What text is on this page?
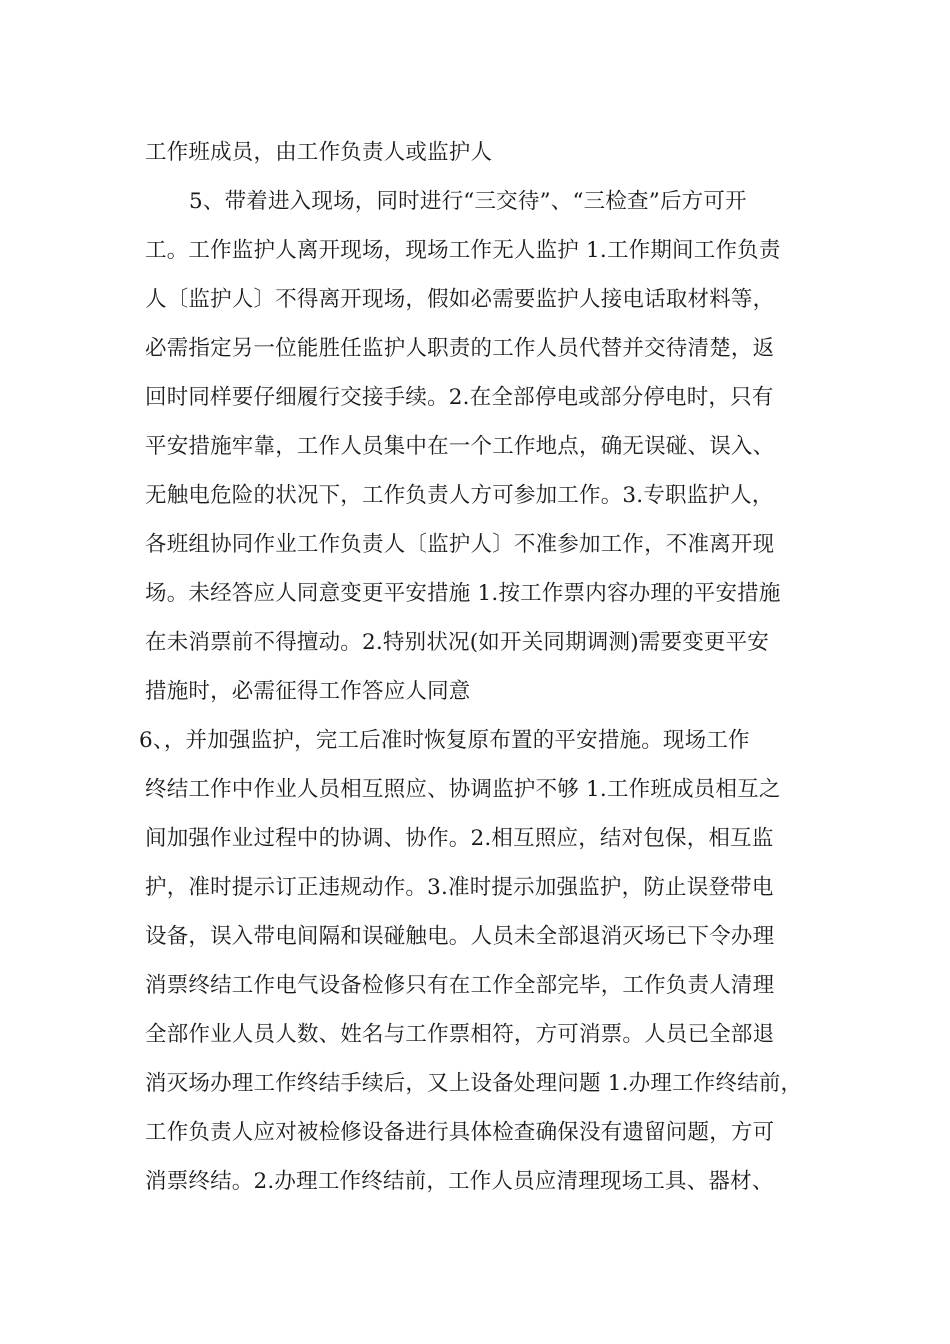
工作班成员，由工作负责人或监护人
5、带着进入现场，同时进行“三交待”、“三检查”后方可开
工。工作监护人离开现场，现场工作无人监护 1.工作期间工作负责
人〔监护人〕不得离开现场，假如必需要监护人接电话取材料等，
必需指定另一位能胜任监护人职责的工作人员代替并交待清楚，返
回时同样要仔细履行交接手续。2.在全部停电或部分停电时，只有
平安措施牢靠，工作人员集中在一个工作地点，确无误碰、误入、
无触电危险的状况下，工作负责人方可参加工作。3.专职监护人，
各班组协同作业工作负责人〔监护人〕不准参加工作，不准离开现
场。未经答应人同意变更平安措施 1.按工作票内容办理的平安措施
在未消票前不得擅动。2.特别状况(如开关同期调测)需要变更平安
措施时，必需征得工作答应人同意
6、，并加强监护，完工后准时恢复原布置的平安措施。现场工作
终结工作中作业人员相互照应、协调监护不够 1.工作班成员相互之
间加强作业过程中的协调、协作。2.相互照应，结对包保，相互监
护，准时提示订正违规动作。3.准时提示加强监护，防止误登带电
设备，误入带电间隔和误碰触电。人员未全部退消灭场已下令办理
消票终结工作电气设备检修只有在工作全部完毕，工作负责人清理
全部作业人员人数、姓名与工作票相符，方可消票。人员已全部退
消灭场办理工作终结手续后，又上设备处理问题 1.办理工作终结前，
工作负责人应对被检修设备进行具体检查确保没有遗留问题，方可
消票终结。2.办理工作终结前，工作人员应清理现场工具、器材、
